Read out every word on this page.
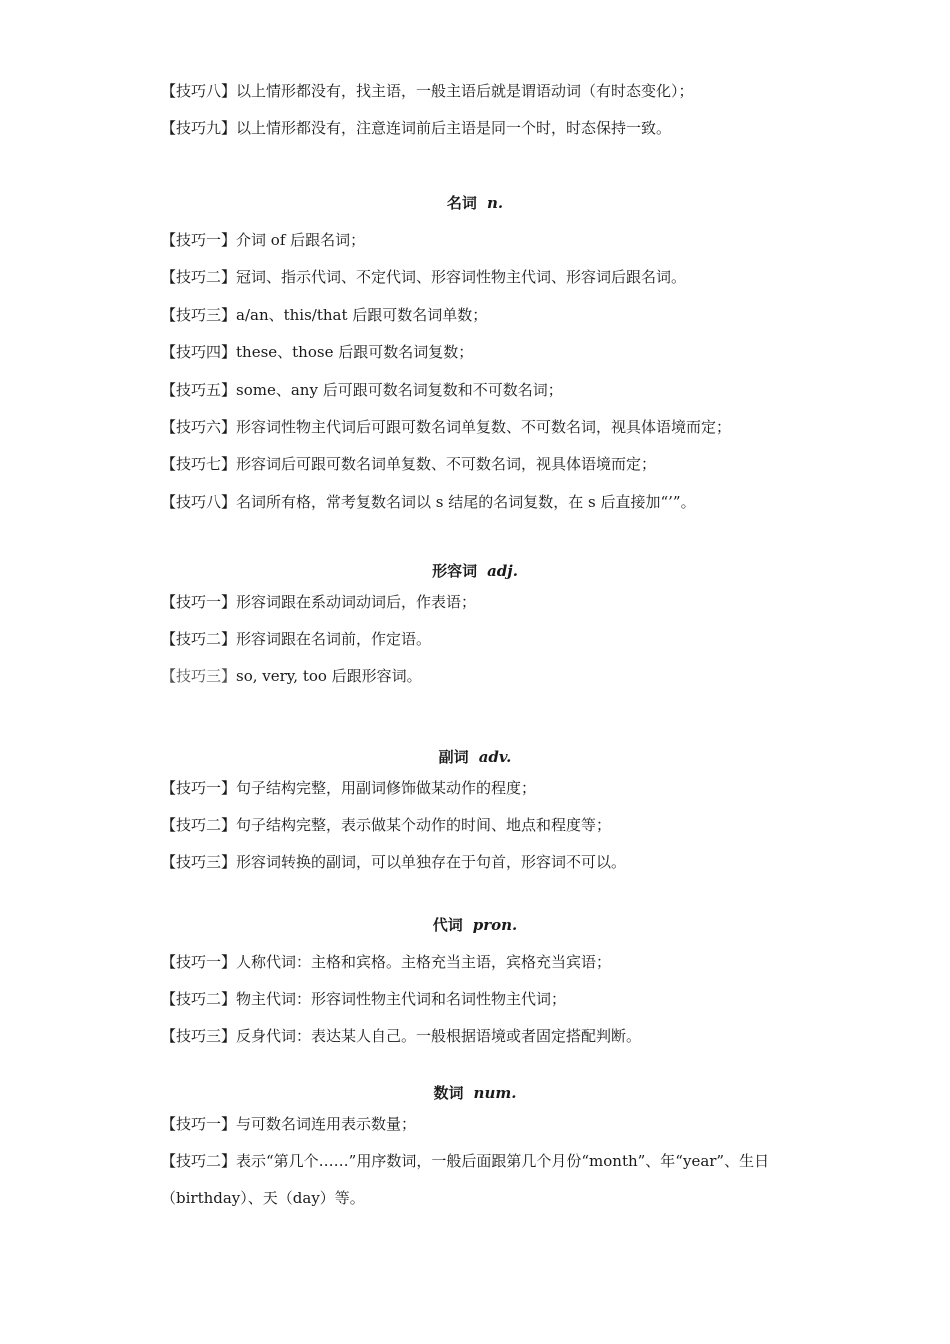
【技巧八】以上情形都没有，找主语，一般主语后就是谓语动词（有时态变化）；
【技巧九】以上情形都没有，注意连词前后主语是同一个时，时态保持一致。
名词 n.
【技巧一】介词 of 后跟名词；
【技巧二】冠词、指示代词、不定代词、形容词性物主代词、形容词后跟名词。
【技巧三】a/an、this/that 后跟可数名词单数；
【技巧四】these、those 后跟可数名词复数；
【技巧五】some、any 后可跟可数名词复数和不可数名词；
【技巧六】形容词性物主代词后可跟可数名词单复数、不可数名词，视具体语境而定；
【技巧七】形容词后可跟可数名词单复数、不可数名词，视具体语境而定；
【技巧八】名词所有格，常考复数名词以 s 结尾的名词复数，在 s 后直接加“’”。
形容词 adj.
【技巧一】形容词跟在系动词动词后，作表语；
【技巧二】形容词跟在名词前，作定语。
【技巧三】so, very, too 后跟形容词。
副词 adv.
【技巧一】句子结构完整，用副词修饰做某动作的程度；
【技巧二】句子结构完整，表示做某个动作的时间、地点和程度等；
【技巧三】形容词转换的副词，可以单独存在于句首，形容词不可以。
代词 pron.
【技巧一】人称代词：主格和宾格。主格充当主语，宾格充当宾语；
【技巧二】物主代词：形容词性物主代词和名词性物主代词；
【技巧三】反身代词：表达某人自己。一般根据语境或者固定搭配判断。
数词 num.
【技巧一】与可数名词连用表示数量；
【技巧二】表示“第几个……”用序数词，一般后面跟第几个月份“month”、年“year”、生日（birthday）、天（day）等。
